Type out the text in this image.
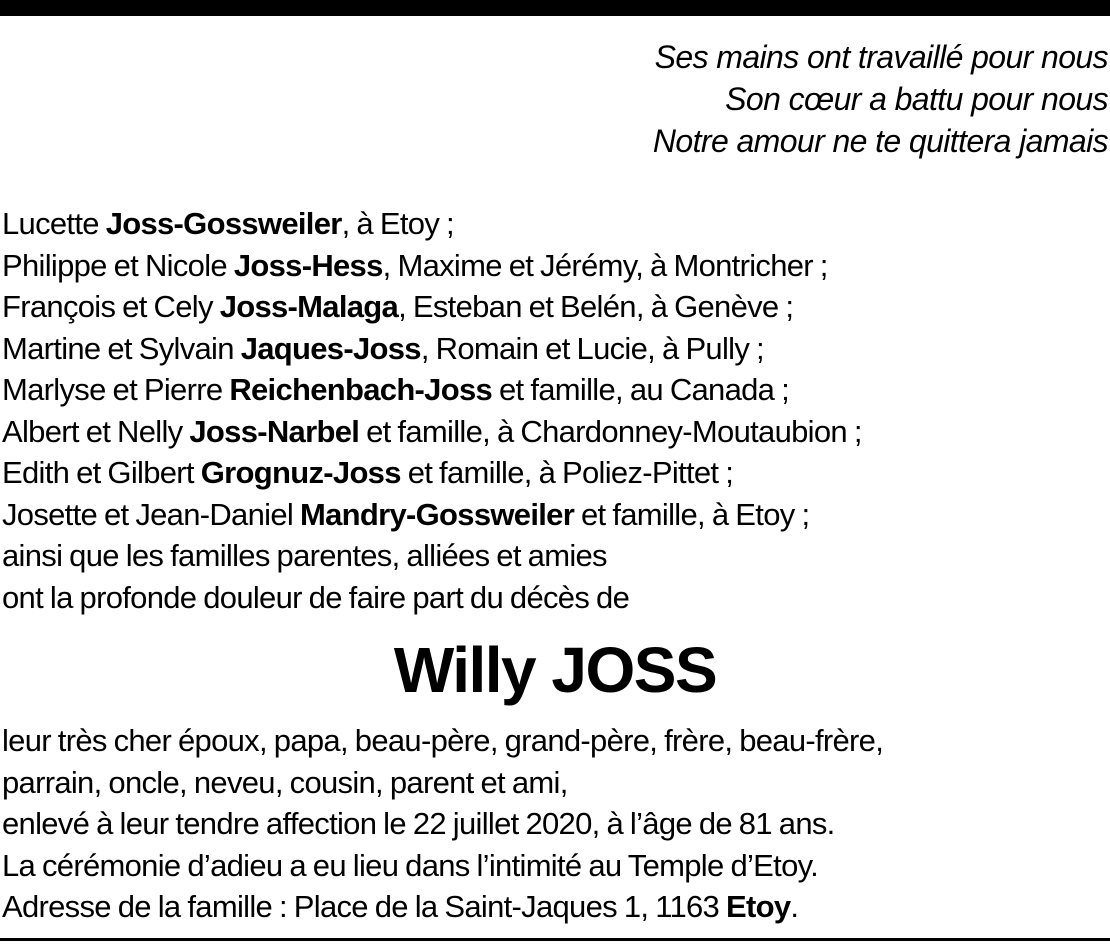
Ses mains ont travaillé pour nous
Son cœur a battu pour nous
Notre amour ne te quittera jamais
Lucette Joss-Gossweiler, à Etoy ;
Philippe et Nicole Joss-Hess, Maxime et Jérémy, à Montricher ;
François et Cely Joss-Malaga, Esteban et Belén, à Genève ;
Martine et Sylvain Jaques-Joss, Romain et Lucie, à Pully ;
Marlyse et Pierre Reichenbach-Joss et famille, au Canada ;
Albert et Nelly Joss-Narbel et famille, à Chardonney-Moutaubion ;
Edith et Gilbert Grognuz-Joss et famille, à Poliez-Pittet ;
Josette et Jean-Daniel Mandry-Gossweiler et famille, à Etoy ;
ainsi que les familles parentes, alliées et amies
ont la profonde douleur de faire part du décès de
Willy JOSS
leur très cher époux, papa, beau-père, grand-père, frère, beau-frère,
parrain, oncle, neveu, cousin, parent et ami,
enlevé à leur tendre affection le 22 juillet 2020, à l’âge de 81 ans.
La cérémonie d’adieu a eu lieu dans l’intimité au Temple d’Etoy.
Adresse de la famille : Place de la Saint-Jaques 1, 1163 Etoy.
